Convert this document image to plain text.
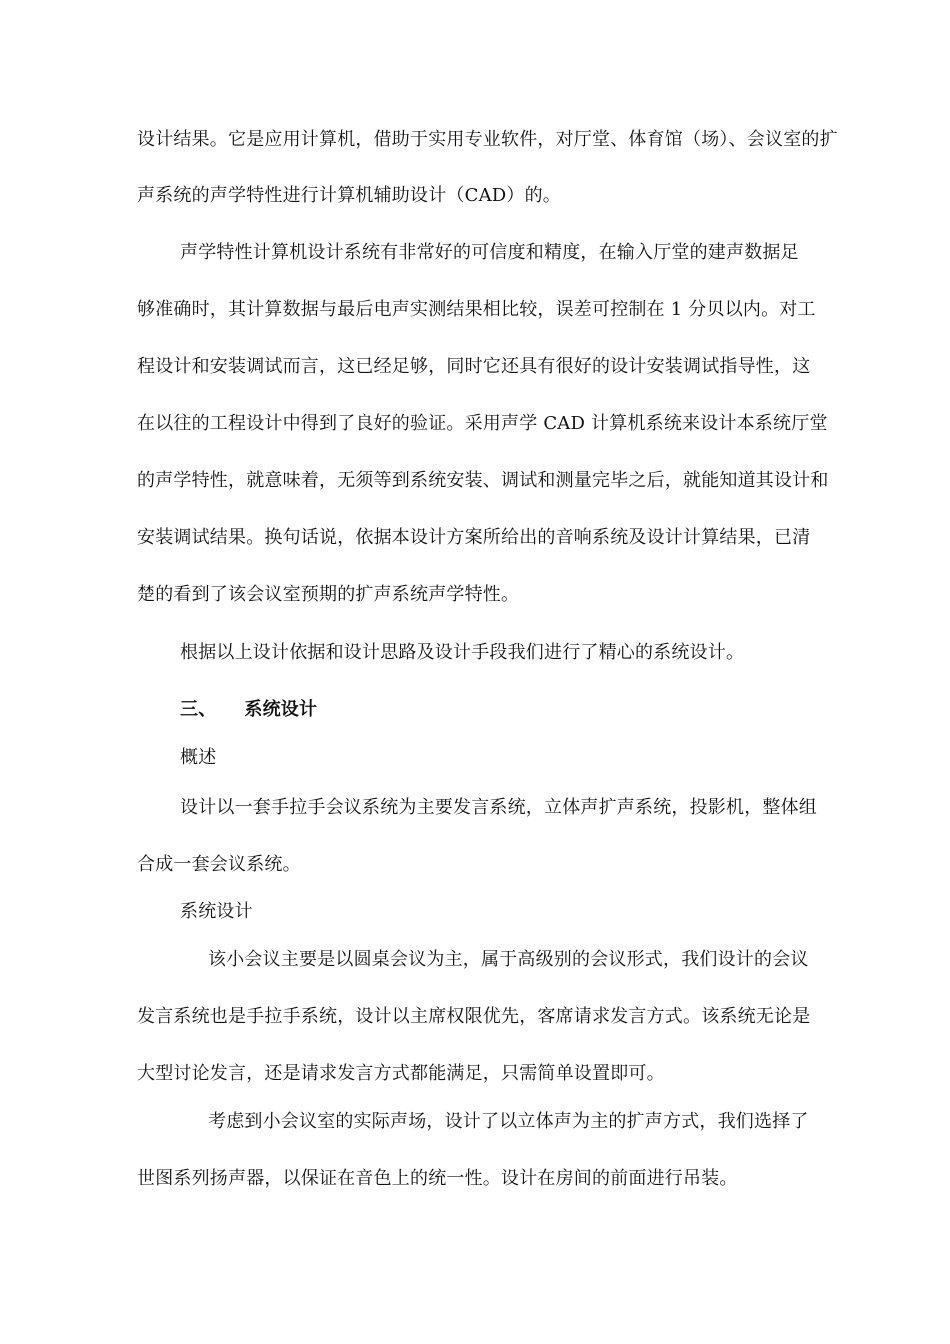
设计结果。它是应用计算机，借助于实用专业软件，对厅堂、体育馆（场）、会议室的扩
声系统的声学特性进行计算机辅助设计（CAD）的。
声学特性计算机设计系统有非常好的可信度和精度，在输入厅堂的建声数据足
够准确时，其计算数据与最后电声实测结果相比较，误差可控制在 1 分贝以内。对工
程设计和安装调试而言，这已经足够，同时它还具有很好的设计安装调试指导性，这
在以往的工程设计中得到了良好的验证。采用声学 CAD 计算机系统来设计本系统厅堂
的声学特性，就意味着，无须等到系统安装、调试和测量完毕之后，就能知道其设计和
安装调试结果。换句话说，依据本设计方案所给出的音响系统及设计计算结果，已清
楚的看到了该会议室预期的扩声系统声学特性。
根据以上设计依据和设计思路及设计手段我们进行了精心的系统设计。
三、 系统设计
概述
设计以一套手拉手会议系统为主要发言系统，立体声扩声系统，投影机，整体组
合成一套会议系统。
系统设计
该小会议主要是以圆桌会议为主，属于高级别的会议形式，我们设计的会议
发言系统也是手拉手系统，设计以主席权限优先，客席请求发言方式。该系统无论是
大型讨论发言，还是请求发言方式都能满足，只需简单设置即可。
考虑到小会议室的实际声场，设计了以立体声为主的扩声方式，我们选择了
世图系列扬声器，以保证在音色上的统一性。设计在房间的前面进行吊装。
